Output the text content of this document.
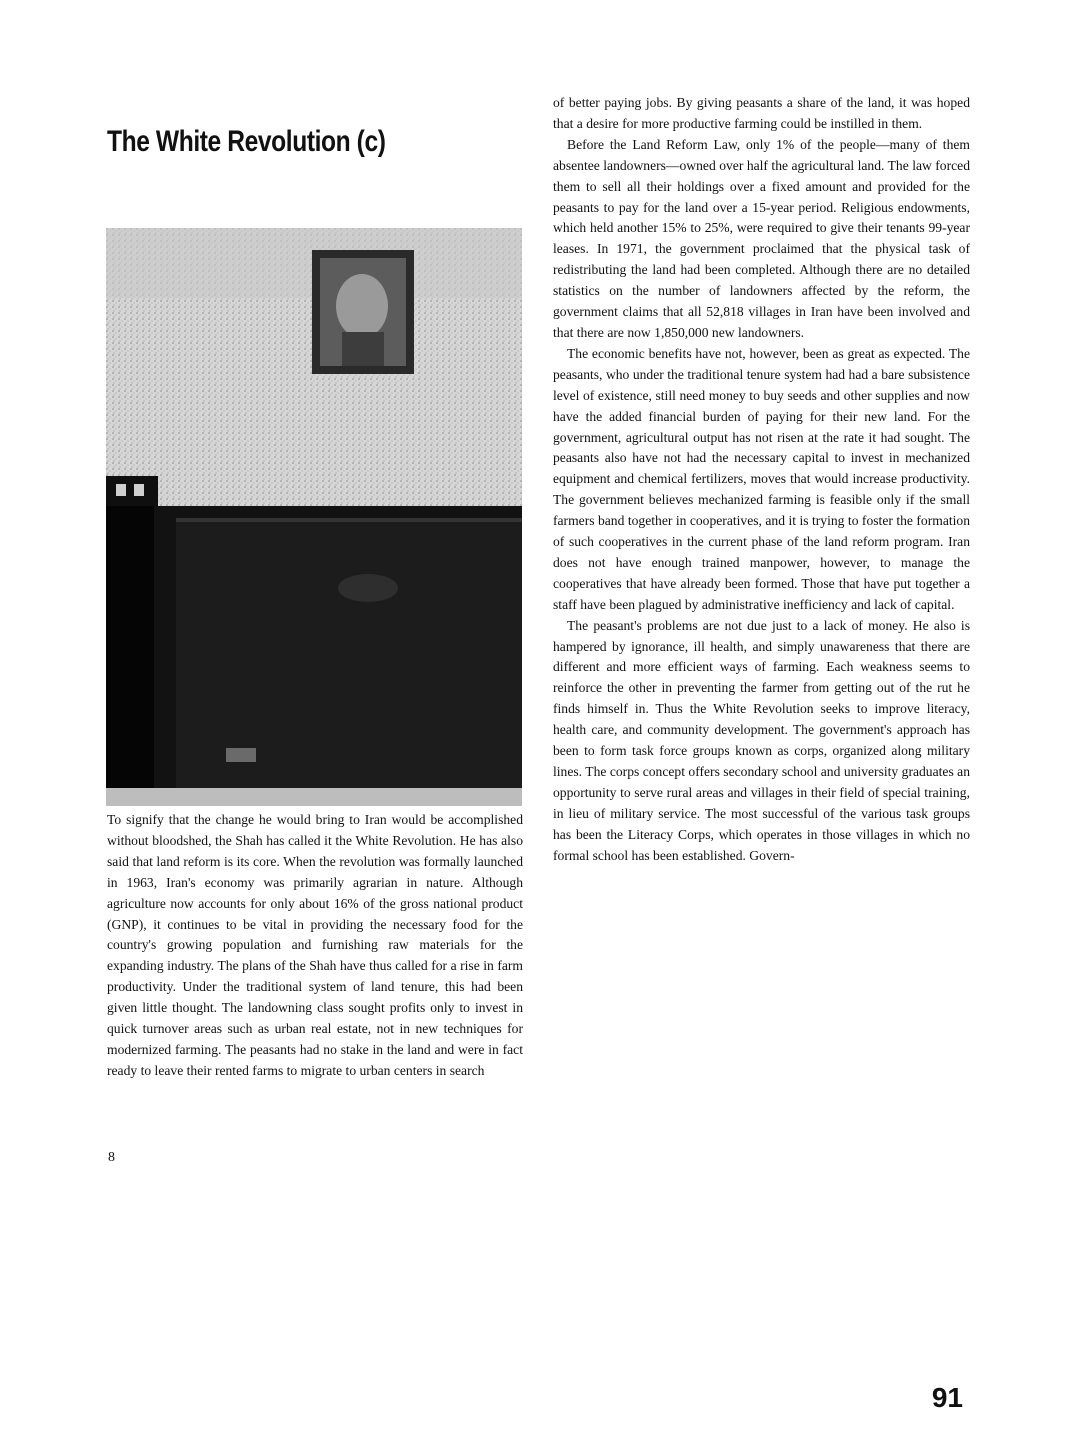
The White Revolution (c)

To signify that the change he would bring to Iran would be accomplished without bloodshed, the Shah has called it the White Revolution. He has also said that land reform is its core. When the revolution was formally launched in 1963, Iran's economy was primarily agrarian in nature. Although agriculture now accounts for only about 16% of the gross national product (GNP), it continues to be vital in providing the necessary food for the country's growing population and furnishing raw materials for the expanding industry. The plans of the Shah have thus called for a rise in farm productivity. Under the traditional system of land tenure, this had been given little thought. The landowning class sought profits only to invest in quick turnover areas such as urban real estate, not in new techniques for modernized farming. The peasants had no stake in the land and were in fact ready to leave their rented farms to migrate to urban centers in search

of better paying jobs. By giving peasants a share of the land, it was hoped that a desire for more productive farming could be instilled in them.

Before the Land Reform Law, only 1% of the people—many of them absentee landowners—owned over half the agricultural land. The law forced them to sell all their holdings over a fixed amount and provided for the peasants to pay for the land over a 15-year period. Religious endowments, which held another 15% to 25%, were required to give their tenants 99-year leases. In 1971, the government proclaimed that the physical task of redistributing the land had been completed. Although there are no detailed statistics on the number of landowners affected by the reform, the government claims that all 52,818 villages in Iran have been involved and that there are now 1,850,000 new landowners.

The economic benefits have not, however, been as great as expected. The peasants, who under the traditional tenure system had had a bare subsistence level of existence, still need money to buy seeds and other supplies and now have the added financial burden of paying for their new land. For the government, agricultural output has not risen at the rate it had sought. The peasants also have not had the necessary capital to invest in mechanized equipment and chemical fertilizers, moves that would increase productivity. The government believes mechanized farming is feasible only if the small farmers band together in cooperatives, and it is trying to foster the formation of such cooperatives in the current phase of the land reform program. Iran does not have enough trained manpower, however, to manage the cooperatives that have already been formed. Those that have put together a staff have been plagued by administrative inefficiency and lack of capital.

The peasant's problems are not due just to a lack of money. He also is hampered by ignorance, ill health, and simply unawareness that there are different and more efficient ways of farming. Each weakness seems to reinforce the other in preventing the farmer from getting out of the rut he finds himself in. Thus the White Revolution seeks to improve literacy, health care, and community development. The government's approach has been to form task force groups known as corps, organized along military lines. The corps concept offers secondary school and university graduates an opportunity to serve rural areas and villages in their field of special training, in lieu of military service. The most successful of the various task groups has been the Literacy Corps, which operates in those villages in which no formal school has been established. Govern-

8
91
